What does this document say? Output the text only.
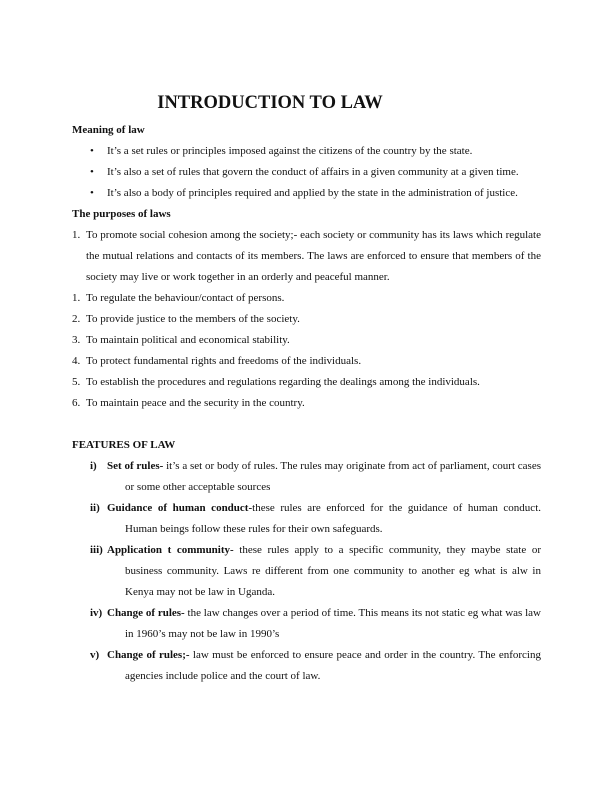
INTRODUCTION TO LAW
Meaning of law
• It’s a set rules or principles imposed against the citizens of the country by the state.
• It’s also a set of rules that govern the conduct of affairs in a given community at a given time.
• It’s also a body of principles required and applied by the state in the administration of justice.
The purposes of laws
1. To promote social cohesion among the society;- each society or community has its laws which regulate the mutual relations and contacts of its members. The laws are enforced to ensure that members of the society may live or work together in an orderly and peaceful manner.
1. To regulate the behaviour/contact of persons.
2. To provide justice to the members of the society.
3. To maintain political and economical stability.
4. To protect fundamental rights and freedoms of the individuals.
5. To establish the procedures and regulations regarding the dealings among the individuals.
6. To maintain peace and the security in the country.
FEATURES OF LAW
i) Set of rules- it’s a set or body of rules. The rules may originate from act of parliament, court cases or some other acceptable sources
ii) Guidance of human conduct-these rules are enforced for the guidance of human conduct. Human beings follow these rules for their own safeguards.
iii) Application t community- these rules apply to a specific community, they maybe state or business community. Laws re different from one community to another eg what is alw in Kenya may not be law in Uganda.
iv) Change of rules- the law changes over a period of time. This means its not static eg what was law in 1960’s may not be law in 1990’s
v) Change of rules;- law must be enforced to ensure peace and order in the country. The enforcing agencies include police and the court of law.
